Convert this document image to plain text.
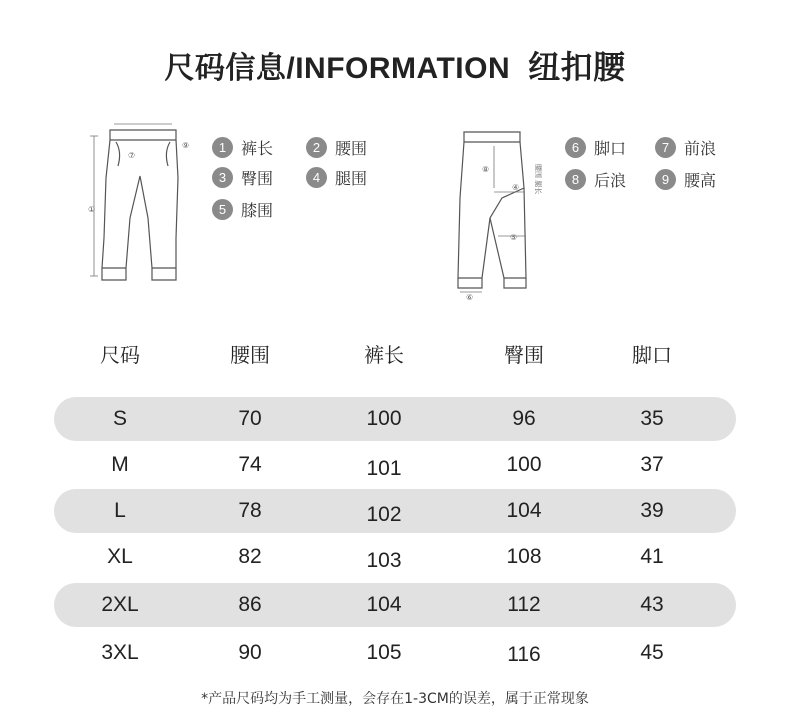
尺码信息/INFORMATION 纽扣腰
①
⑦
⑨	1 裤长	2 腰围
3 臀围	4 腿围
5 膝围
⑧
④
⑤
⑥
腰围 腿长
6 脚口	7 前浪
8 后浪	9 腰高
尺码	腰围	裤长	臀围	脚口
S	70	100	96	35
M	74	101	100	37
L	78	102	104	39
XL	82	103	108	41
2XL	86	104	112	43
3XL	90	105	116	45
*产品尺码均为手工测量，会存在1-3CM的误差，属于正常现象
